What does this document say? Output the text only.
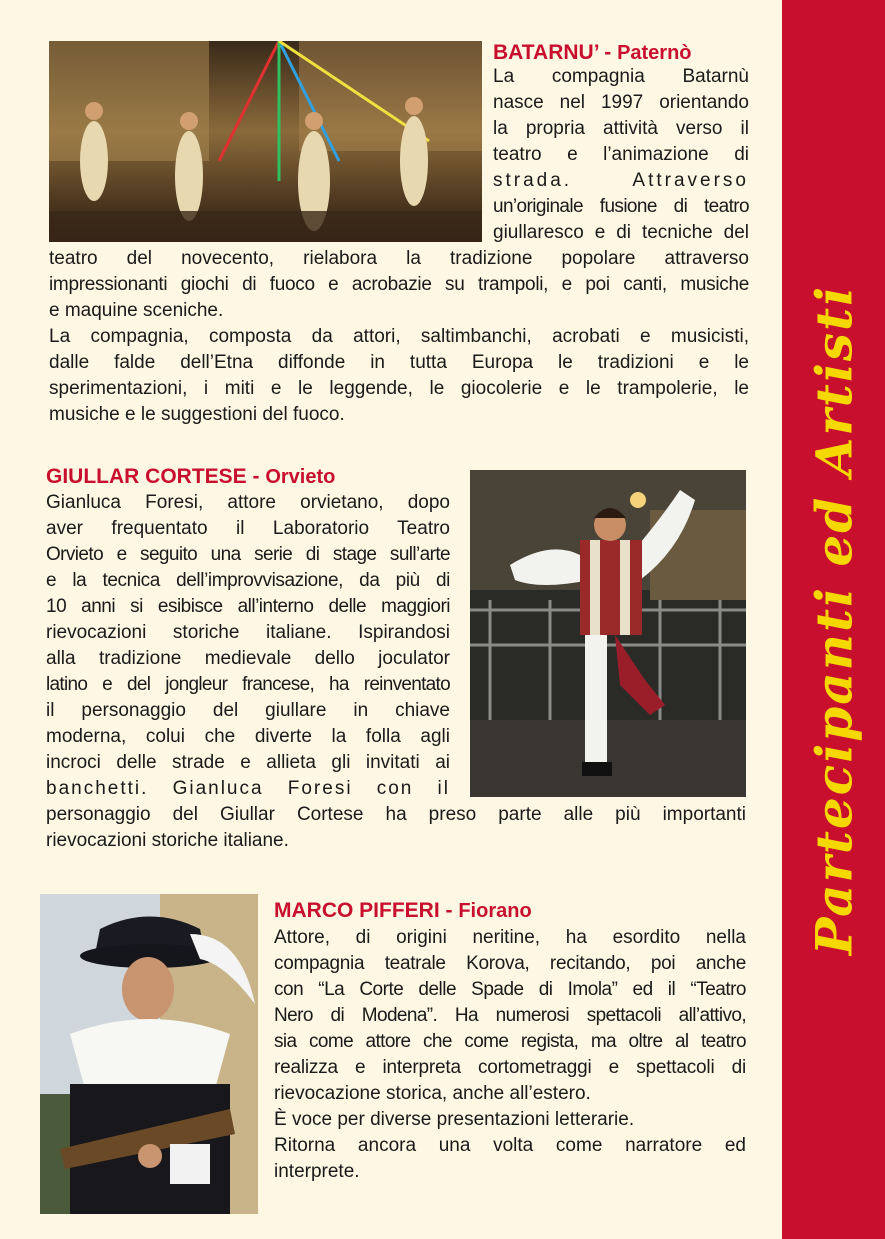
Partecipanti ed Artisti
BATARNU’ - Paternò
La compagnia Batarnù
nasce nel 1997 orientando
la propria attività verso il
teatro e l’animazione di
strada. Attraverso
un’originale fusione di teatro
giullaresco e di tecniche del
teatro del novecento, rielabora la tradizione popolare attraverso
impressionanti giochi di fuoco e acrobazie su trampoli, e poi canti, musiche
e maquine sceniche.
La compagnia, composta da attori, saltimbanchi, acrobati e musicisti,
dalle falde dell’Etna diffonde in tutta Europa le tradizioni e le
sperimentazioni, i miti e le leggende, le giocolerie e le trampolerie, le
musiche e le suggestioni del fuoco.
GIULLAR CORTESE - Orvieto
Gianluca Foresi, attore orvietano, dopo
aver frequentato il Laboratorio Teatro
Orvieto e seguito una serie di stage sull’arte
e la tecnica dell’improvvisazione, da più di
10 anni si esibisce all’interno delle maggiori
rievocazioni storiche italiane. Ispirandosi
alla tradizione medievale dello joculator
latino e del jongleur francese, ha reinventato
il personaggio del giullare in chiave
moderna, colui che diverte la folla agli
incroci delle strade e allieta gli invitati ai
banchetti. Gianluca Foresi con il
personaggio del Giullar Cortese ha preso parte alle più importanti
rievocazioni storiche italiane.
MARCO PIFFERI - Fiorano
Attore, di origini neritine, ha esordito nella
compagnia teatrale Korova, recitando, poi anche
con “La Corte delle Spade di Imola” ed il “Teatro
Nero di Modena”. Ha numerosi spettacoli all’attivo,
sia come attore che come regista, ma oltre al teatro
realizza e interpreta cortometraggi e spettacoli di
rievocazione storica, anche all’estero.
È voce per diverse presentazioni letterarie.
Ritorna ancora una volta come narratore ed
interprete.
